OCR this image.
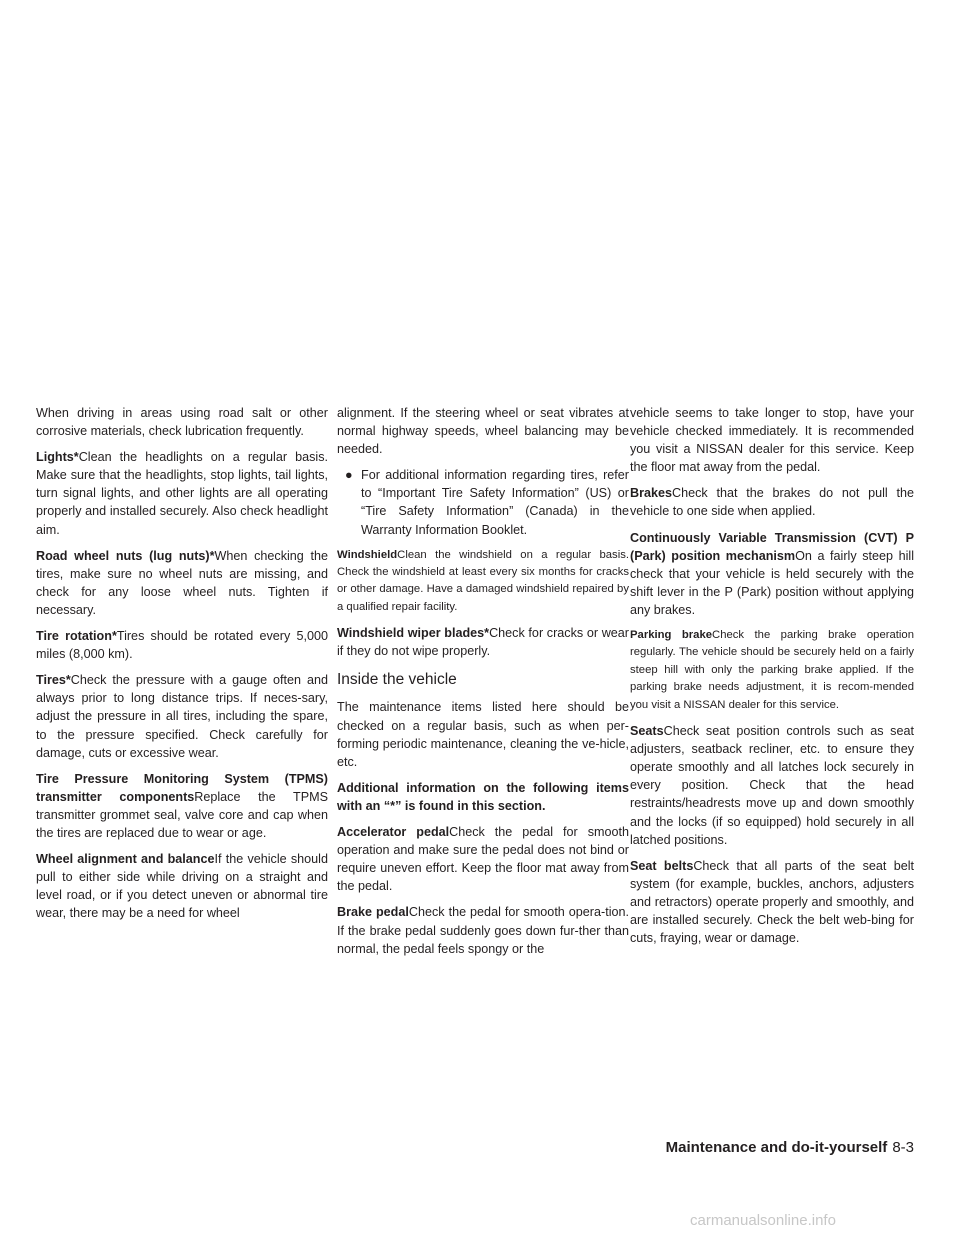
When driving in areas using road salt or other corrosive materials, check lubrication frequently.

Lights*Clean the headlights on a regular basis. Make sure that the headlights, stop lights, tail lights, turn signal lights, and other lights are all operating properly and installed securely. Also check headlight aim.

Road wheel nuts (lug nuts)*When checking the tires, make sure no wheel nuts are missing, and check for any loose wheel nuts. Tighten if necessary.

Tire rotation*Tires should be rotated every 5,000 miles (8,000 km).

Tires*Check the pressure with a gauge often and always prior to long distance trips. If neces-sary, adjust the pressure in all tires, including the spare, to the pressure specified. Check carefully for damage, cuts or excessive wear.

Tire Pressure Monitoring System (TPMS) transmitter componentsReplace the TPMS transmitter grommet seal, valve core and cap when the tires are replaced due to wear or age.

Wheel alignment and balanceIf the vehicle should pull to either side while driving on a straight and level road, or if you detect uneven or abnormal tire wear, there may be a need for wheel

alignment. If the steering wheel or seat vibrates at normal highway speeds, wheel balancing may be needed.

● For additional information regarding tires, refer to “Important Tire Safety Information” (US) or “Tire Safety Information” (Canada) in the Warranty Information Booklet.

WindshieldClean the windshield on a regular basis. Check the windshield at least every six months for cracks or other damage. Have a damaged windshield repaired by a qualified repair facility.

Windshield wiper blades*Check for cracks or wear if they do not wipe properly.

Inside the vehicle

The maintenance items listed here should be checked on a regular basis, such as when per-forming periodic maintenance, cleaning the ve-hicle, etc.

Additional information on the following items with an “*” is found in this section.

Accelerator pedalCheck the pedal for smooth operation and make sure the pedal does not bind or require uneven effort. Keep the floor mat away from the pedal.

Brake pedalCheck the pedal for smooth opera-tion. If the brake pedal suddenly goes down fur-ther than normal, the pedal feels spongy or the

vehicle seems to take longer to stop, have your vehicle checked immediately. It is recommended you visit a NISSAN dealer for this service. Keep the floor mat away from the pedal.

BrakesCheck that the brakes do not pull the vehicle to one side when applied.

Continuously Variable Transmission (CVT) P (Park) position mechanismOn a fairly steep hill check that your vehicle is held securely with the shift lever in the P (Park) position without applying any brakes.

Parking brakeCheck the parking brake operation regularly. The vehicle should be securely held on a fairly steep hill with only the parking brake applied. If the parking brake needs adjustment, it is recom-mended you visit a NISSAN dealer for this service.

SeatsCheck seat position controls such as seat adjusters, seatback recliner, etc. to ensure they operate smoothly and all latches lock securely in every position. Check that the head restraints/headrests move up and down smoothly and the locks (if so equipped) hold securely in all latched positions.

Seat beltsCheck that all parts of the seat belt system (for example, buckles, anchors, adjusters and retractors) operate properly and smoothly, and are installed securely. Check the belt web-bing for cuts, fraying, wear or damage.

Maintenance and do-it-yourself 8-3
carmanualsonline.info
